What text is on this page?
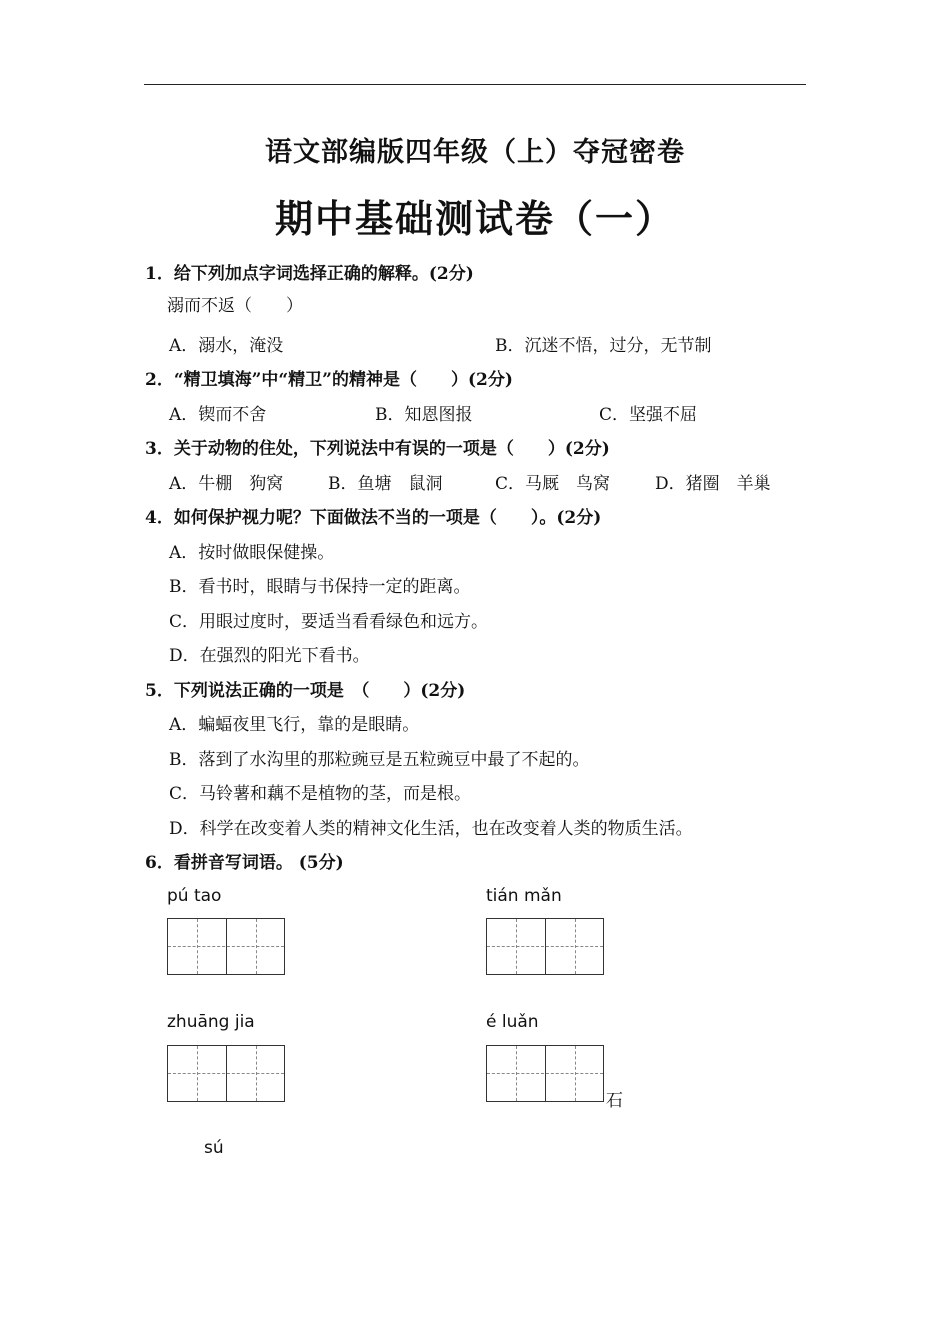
语文部编版四年级（上）夺冠密卷
期中基础测试卷（一）
1．给下列加点字词选择正确的解释。(2分)
溺而不返（　　）
A．溺水，淹没	B．沉迷不悟，过分，无节制
2．“精卫填海”中“精卫”的精神是（　　）(2分)
A．锲而不舍	B．知恩图报	C．坚强不屈
3．关于动物的住处，下列说法中有误的一项是（　　）(2分)
A．牛棚　狗窝	B．鱼塘　鼠洞	C．马厩　鸟窝	D．猪圈　羊巢
4．如何保护视力呢？下面做法不当的一项是（　　）。(2分)
A．按时做眼保健操。
B．看书时，眼睛与书保持一定的距离。
C．用眼过度时，要适当看看绿色和远方。
D．在强烈的阳光下看书。
5．下列说法正确的一项是　（　　）(2分)
A．蝙蝠夜里飞行，靠的是眼睛。
B．落到了水沟里的那粒豌豆是五粒豌豆中最了不起的。
C．马铃薯和藕不是植物的茎，而是根。
D．科学在改变着人类的精神文化生活，也在改变着人类的物质生活。
6．看拼音写词语。 (5分)
pú tao	tián mǎn
zhuāng jia	é luǎn
石
sú
